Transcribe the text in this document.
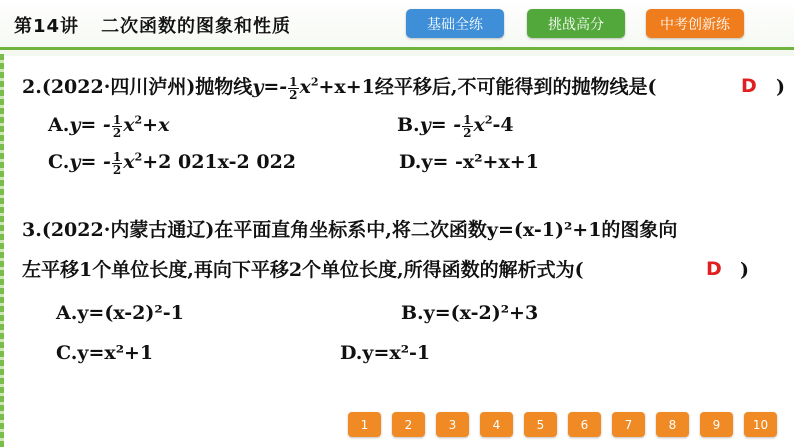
第14讲 二次函数的图象和性质	基础全练	挑战高分	中考创新练
2.(2022·四川泸州)抛物线$y=- \frac{1}{2} x^2+x+1$经平移后,不可能得到的抛物线是(	D )
$A.y= - \frac{1}{2} x^2+x$	$B.y= - \frac{1}{2} x^2-4$
$C.y= - \frac{1}{2} x^2+2$ 021x-2 022	D.y= -x²+x+1
3.(2022·内蒙古通辽)在平面直角坐标系中,将二次函数y=(x-1)²+1的图象向
左平移1个单位长度,再向下平移2个单位长度,所得函数的解析式为(	D )
A.y=(x-2)²-1	B.y=(x-2)²+3
C.y=x²+1	D.y=x²-1
1	2	3	4	5	6	7	8	9	10
